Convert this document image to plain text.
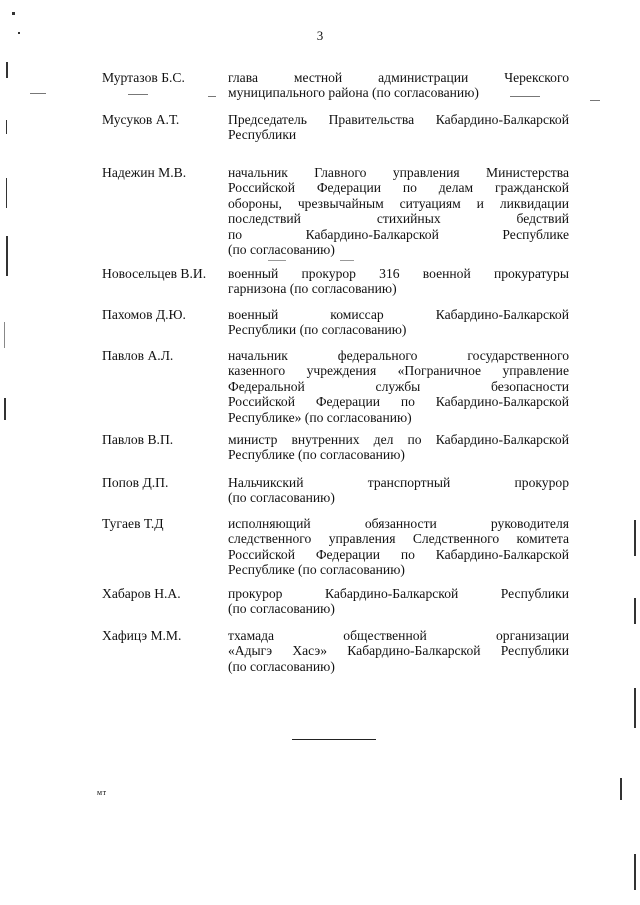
3
Муртазов Б.С.	глава местной администрации Черекского
муниципального района (по согласованию)
Мусуков А.Т.	Председатель Правительства Кабардино-Балкарской
Республики
Надежин М.В.	начальник Главного управления Министерства
Российской Федерации по делам гражданской
обороны, чрезвычайным ситуациям и ликвидации
последствий стихийных бедствий
по Кабардино-Балкарской Республике
(по согласованию)
Новосельцев В.И. военный прокурор 316 военной прокуратуры
гарнизона (по согласованию)
Пахомов Д.Ю.	военный комиссар Кабардино-Балкарской
Республики (по согласованию)
Павлов А.Л.	начальник федерального государственного
казенного учреждения «Пограничное управление
Федеральной службы безопасности
Российской Федерации по Кабардино-Балкарской
Республике» (по согласованию)
Павлов В.П.	министр внутренних дел по Кабардино-Балкарской
Республике (по согласованию)
Попов Д.П.	Нальчикский транспортный прокурор
(по согласованию)
Тугаев Т.Д	исполняющий обязанности руководителя
следственного управления Следственного комитета
Российской Федерации по Кабардино-Балкарской
Республике (по согласованию)
Хабаров Н.А.	прокурор Кабардино-Балкарской Республики
(по согласованию)
Хафицэ М.М.	тхамада общественной организации
«Адыгэ Хасэ» Кабардино-Балкарской Республики
(по согласованию)
мт
